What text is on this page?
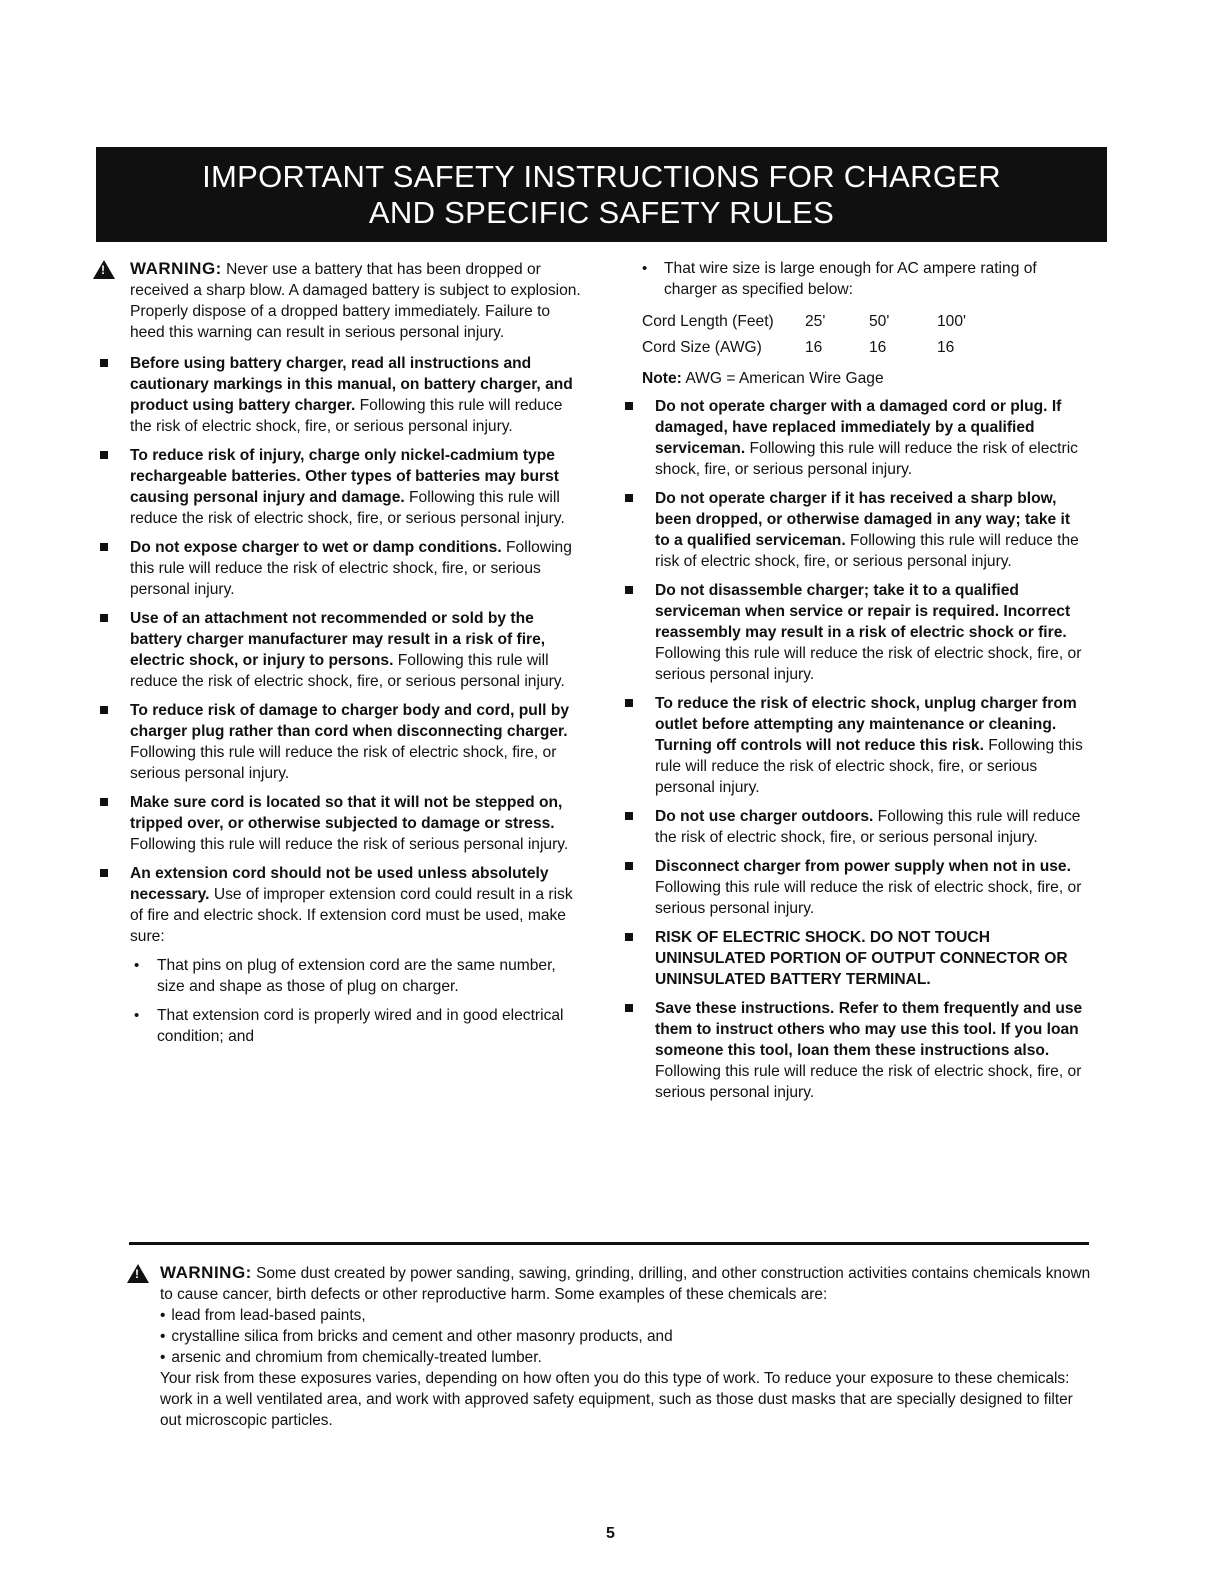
IMPORTANT SAFETY INSTRUCTIONS FOR CHARGER
AND SPECIFIC SAFETY RULES
!
WARNING: Never use a battery that has been dropped or received a sharp blow. A damaged battery is subject to explosion. Properly dispose of a dropped battery immediately. Failure to heed this warning can result in serious personal injury.
Before using battery charger, read all instructions and cautionary markings in this manual, on battery charger, and product using battery charger. Following this rule will reduce the risk of electric shock, fire, or serious personal injury.
To reduce risk of injury, charge only nickel-cadmium type rechargeable batteries. Other types of batteries may burst causing personal injury and damage. Following this rule will reduce the risk of electric shock, fire, or serious personal injury.
Do not expose charger to wet or damp conditions. Following this rule will reduce the risk of electric shock, fire, or serious personal injury.
Use of an attachment not recommended or sold by the battery charger manufacturer may result in a risk of fire, electric shock, or injury to persons. Following this rule will reduce the risk of electric shock, fire, or serious personal injury.
To reduce risk of damage to charger body and cord, pull by charger plug rather than cord when disconnecting charger. Following this rule will reduce the risk of electric shock, fire, or serious personal injury.
Make sure cord is located so that it will not be stepped on, tripped over, or otherwise subjected to damage or stress. Following this rule will reduce the risk of serious personal injury.
An extension cord should not be used unless absolutely necessary. Use of improper extension cord could result in a risk of fire and electric shock. If extension cord must be used, make sure:
• That pins on plug of extension cord are the same number, size and shape as those of plug on charger.
• That extension cord is properly wired and in good electrical condition; and
• That wire size is large enough for AC ampere rating of charger as specified below:
Cord Length (Feet)	25'	50'	100'
Cord Size (AWG)	16	16	16
Note: AWG = American Wire Gage
Do not operate charger with a damaged cord or plug. If damaged, have replaced immediately by a qualified serviceman. Following this rule will reduce the risk of electric shock, fire, or serious personal injury.
Do not operate charger if it has received a sharp blow, been dropped, or otherwise damaged in any way; take it to a qualified serviceman. Following this rule will reduce the risk of electric shock, fire, or serious personal injury.
Do not disassemble charger; take it to a qualified serviceman when service or repair is required. Incorrect reassembly may result in a risk of electric shock or fire. Following this rule will reduce the risk of electric shock, fire, or serious personal injury.
To reduce the risk of electric shock, unplug charger from outlet before attempting any maintenance or cleaning. Turning off controls will not reduce this risk. Following this rule will reduce the risk of electric shock, fire, or serious personal injury.
Do not use charger outdoors. Following this rule will reduce the risk of electric shock, fire, or serious personal injury.
Disconnect charger from power supply when not in use. Following this rule will reduce the risk of electric shock, fire, or serious personal injury.
RISK OF ELECTRIC SHOCK. DO NOT TOUCH UNINSULATED PORTION OF OUTPUT CONNECTOR OR UNINSULATED BATTERY TERMINAL.
Save these instructions. Refer to them frequently and use them to instruct others who may use this tool. If you loan someone this tool, loan them these instructions also. Following this rule will reduce the risk of electric shock, fire, or serious personal injury.
!
WARNING: Some dust created by power sanding, sawing, grinding, drilling, and other construction activities contains chemicals known to cause cancer, birth defects or other reproductive harm. Some examples of these chemicals are:
• lead from lead-based paints,
• crystalline silica from bricks and cement and other masonry products, and
• arsenic and chromium from chemically-treated lumber.
Your risk from these exposures varies, depending on how often you do this type of work. To reduce your exposure to these chemicals: work in a well ventilated area, and work with approved safety equipment, such as those dust masks that are specially designed to filter out microscopic particles.
5
